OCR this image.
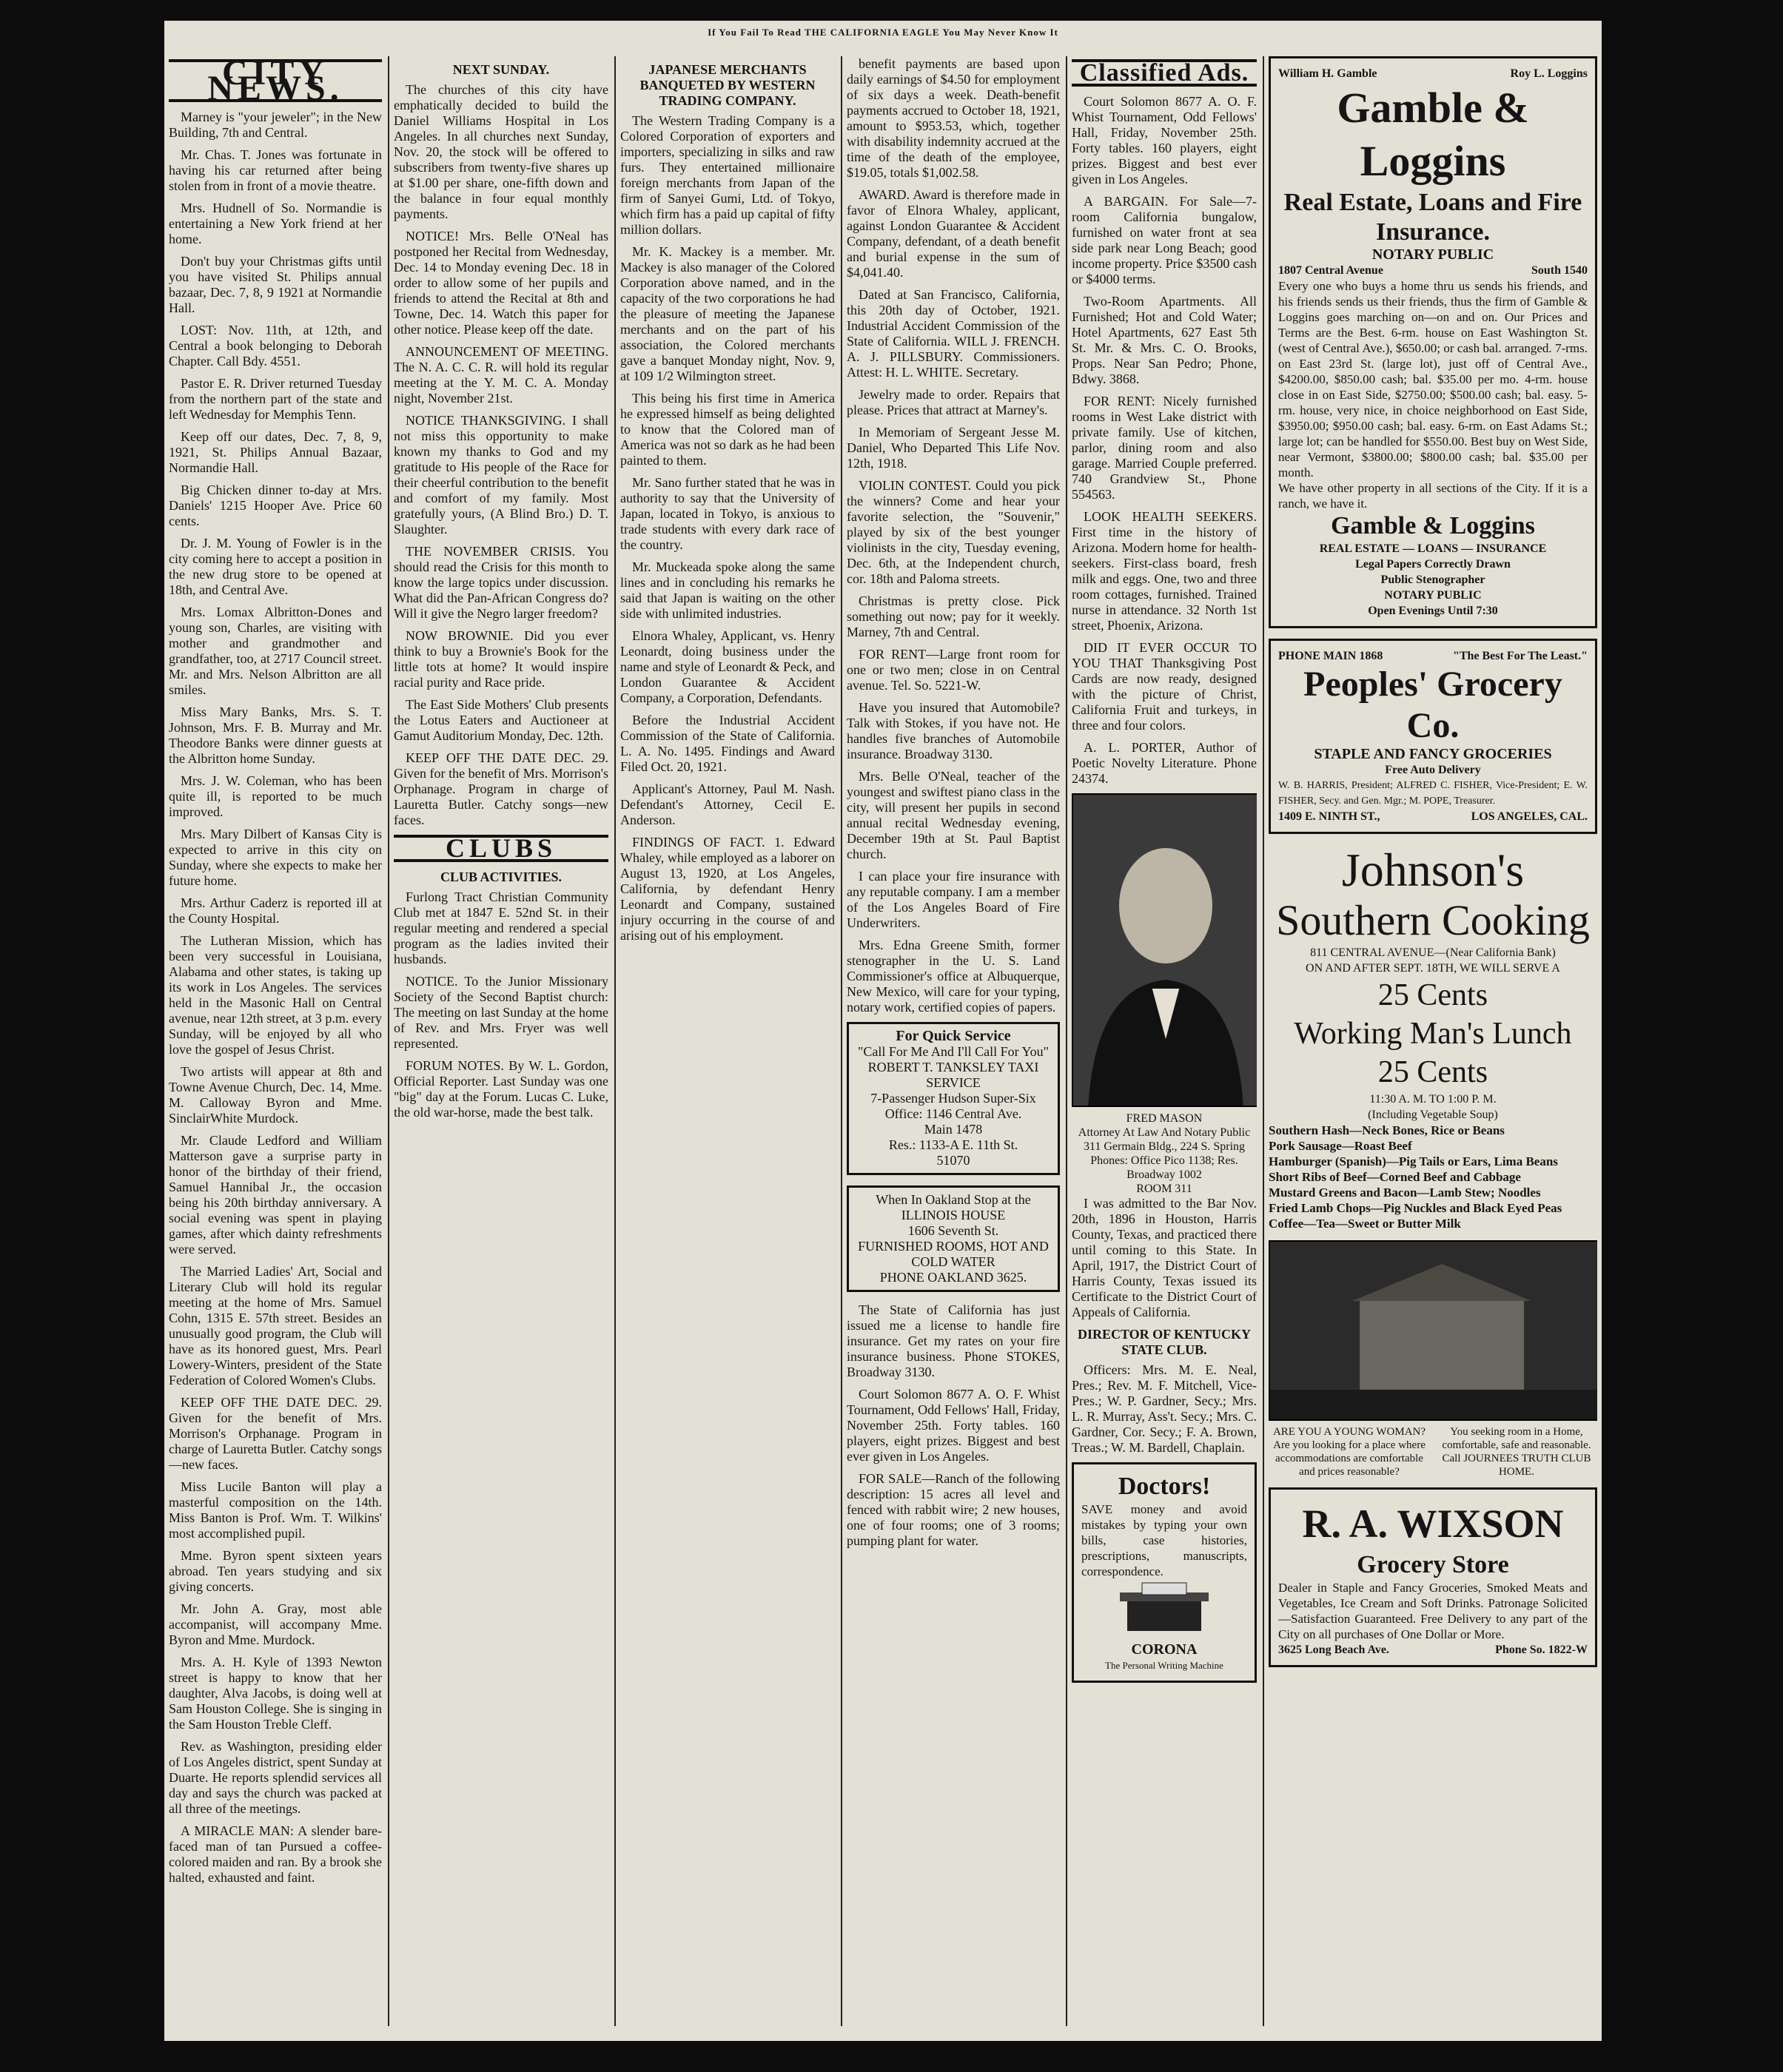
If You Fail To Read THE CALIFORNIA EAGLE You May Never Know It
CITY NEWS.

Marney is "your jeweler"; in the New Building, 7th and Central.

Mr. Chas. T. Jones was fortunate in having his car returned after being stolen from in front of a movie theatre.

Mrs. Hudnell of So. Normandie is entertaining a New York friend at her home.

Don't buy your Christmas gifts until you have visited St. Philips annual bazaar, Dec. 7, 8, 9 1921 at Normandie Hall.

LOST: Nov. 11th, at 12th, and Central a book belonging to Deborah Chapter. Call Bdy. 4551.

Pastor E. R. Driver returned Tuesday from the northern part of the state and left Wednesday for Memphis Tenn.

Keep off our dates, Dec. 7, 8, 9, 1921, St. Philips Annual Bazaar, Normandie Hall.

Big Chicken dinner to-day at Mrs. Daniels' 1215 Hooper Ave. Price 60 cents.

Dr. J. M. Young of Fowler is in the city coming here to accept a position in the new drug store to be opened at 18th, and Central Ave.

Mrs. Lomax Albritton-Dones and young son, Charles, are visiting with mother and grandmother and grandfather, too, at 2717 Council street. Mr. and Mrs. Nelson Albritton are all smiles.

Miss Mary Banks, Mrs. S. T. Johnson, Mrs. F. B. Murray and Mr. Theodore Banks were dinner guests at the Albritton home Sunday.

Mrs. J. W. Coleman, who has been quite ill, is reported to be much improved.

Mrs. Mary Dilbert of Kansas City is expected to arrive in this city on Sunday, where she expects to make her future home.

Mrs. Arthur Caderz is reported ill at the County Hospital.

The Lutheran Mission, which has been very successful in Louisiana, Alabama and other states, is taking up its work in Los Angeles. The services held in the Masonic Hall on Central avenue, near 12th street, at 3 p.m. every Sunday, will be enjoyed by all who love the gospel of Jesus Christ.

Two artists will appear at 8th and Towne Avenue Church, Dec. 14, Mme. M. Calloway Byron and Mme. SinclairWhite Murdock.

Mr. Claude Ledford and William Matterson gave a surprise party in honor of the birthday of their friend, Samuel Hannibal Jr., the occasion being his 20th birthday anniversary. A social evening was spent in playing games, after which dainty refreshments were served.

The Married Ladies' Art, Social and Literary Club will hold its regular meeting at the home of Mrs. Samuel Cohn, 1315 E. 57th street. Besides an unusually good program, the Club will have as its honored guest, Mrs. Pearl Lowery-Winters, president of the State Federation of Colored Women's Clubs.

KEEP OFF THE DATE DEC. 29. Given for the benefit of Mrs. Morrison's Orphanage. Program in charge of Lauretta Butler. Catchy songs—new faces.

Miss Lucile Banton will play a masterful composition on the 14th. Miss Banton is Prof. Wm. T. Wilkins' most accomplished pupil.

Mme. Byron spent sixteen years abroad. Ten years studying and six giving concerts.

Mr. John A. Gray, most able accompanist, will accompany Mme. Byron and Mme. Murdock.

Mrs. A. H. Kyle of 1393 Newton street is happy to know that her daughter, Alva Jacobs, is doing well at Sam Houston College. She is singing in the Sam Houston Treble Cleff.

Rev. as Washington, presiding elder of Los Angeles district, spent Sunday at Duarte. He reports splendid services all day and says the church was packed at all three of the meetings.

A MIRACLE MAN: A slender bare-faced man of tan Pursued a coffee-colored maiden and ran. By a brook she halted, exhausted and faint.

NEXT SUNDAY.

The churches of this city have emphatically decided to build the Daniel Williams Hospital in Los Angeles. In all churches next Sunday, Nov. 20, the stock will be offered to subscribers from twenty-five shares up at $1.00 per share, one-fifth down and the balance in four equal monthly payments.

NOTICE! Mrs. Belle O'Neal has postponed her Recital from Wednesday, Dec. 14 to Monday evening Dec. 18 in order to allow some of her pupils and friends to attend the Recital at 8th and Towne, Dec. 14. Watch this paper for other notice. Please keep off the date.

ANNOUNCEMENT OF MEETING. The N. A. C. C. R. will hold its regular meeting at the Y. M. C. A. Monday night, November 21st.

NOTICE THANKSGIVING. I shall not miss this opportunity to make known my thanks to God and my gratitude to His people of the Race for their cheerful contribution to the benefit and comfort of my family. Most gratefully yours, (A Blind Bro.) D. T. Slaughter.

THE NOVEMBER CRISIS. You should read the Crisis for this month to know the large topics under discussion. What did the Pan-African Congress do? Will it give the Negro larger freedom?

NOW BROWNIE. Did you ever think to buy a Brownie's Book for the little tots at home? It would inspire racial purity and Race pride.

The East Side Mothers' Club presents the Lotus Eaters and Auctioneer at Gamut Auditorium Monday, Dec. 12th.

KEEP OFF THE DATE DEC. 29. Given for the benefit of Mrs. Morrison's Orphanage. Program in charge of Lauretta Butler. Catchy songs—new faces.

CLUBS
CLUB ACTIVITIES.

Furlong Tract Christian Community Club met at 1847 E. 52nd St. in their regular meeting and rendered a special program as the ladies invited their husbands.

NOTICE. To the Junior Missionary Society of the Second Baptist church: The meeting on last Sunday at the home of Rev. and Mrs. Fryer was well represented.

FORUM NOTES. By W. L. Gordon, Official Reporter. Last Sunday was one "big" day at the Forum. Lucas C. Luke, the old war-horse, made the best talk.

JAPANESE MERCHANTS BANQUETED BY WESTERN TRADING COMPANY.

The Western Trading Company is a Colored Corporation of exporters and importers, specializing in silks and raw furs. They entertained millionaire foreign merchants from Japan of the firm of Sanyei Gumi, Ltd. of Tokyo, which firm has a paid up capital of fifty million dollars.

Mr. K. Mackey is a member. Mr. Mackey is also manager of the Colored Corporation above named, and in the capacity of the two corporations he had the pleasure of meeting the Japanese merchants and on the part of his association, the Colored merchants gave a banquet Monday night, Nov. 9, at 109 1/2 Wilmington street.

This being his first time in America he expressed himself as being delighted to know that the Colored man of America was not so dark as he had been painted to them.

Mr. Sano further stated that he was in authority to say that the University of Japan, located in Tokyo, is anxious to trade students with every dark race of the country.

Mr. Muckeada spoke along the same lines and in concluding his remarks he said that Japan is waiting on the other side with unlimited industries.

Elnora Whaley, Applicant, vs. Henry Leonardt, doing business under the name and style of Leonardt & Peck, and London Guarantee & Accident Company, a Corporation, Defendants.

Before the Industrial Accident Commission of the State of California. L. A. No. 1495. Findings and Award Filed Oct. 20, 1921.

Applicant's Attorney, Paul M. Nash. Defendant's Attorney, Cecil E. Anderson.

FINDINGS OF FACT. 1. Edward Whaley, while employed as a laborer on August 13, 1920, at Los Angeles, California, by defendant Henry Leonardt and Company, sustained injury occurring in the course of and arising out of his employment.

benefit payments are based upon daily earnings of $4.50 for employment of six days a week. Death-benefit payments accrued to October 18, 1921, amount to $953.53, which, together with disability indemnity accrued at the time of the death of the employee, $19.05, totals $1,002.58.

AWARD. Award is therefore made in favor of Elnora Whaley, applicant, against London Guarantee & Accident Company, defendant, of a death benefit and burial expense in the sum of $4,041.40.

Dated at San Francisco, California, this 20th day of October, 1921. Industrial Accident Commission of the State of California. WILL J. FRENCH. A. J. PILLSBURY. Commissioners. Attest: H. L. WHITE. Secretary.

Jewelry made to order. Repairs that please. Prices that attract at Marney's.

In Memoriam of Sergeant Jesse M. Daniel, Who Departed This Life Nov. 12th, 1918.

VIOLIN CONTEST. Could you pick the winners? Come and hear your favorite selection, the "Souvenir," played by six of the best younger violinists in the city, Tuesday evening, Dec. 6th, at the Independent church, cor. 18th and Paloma streets.

Christmas is pretty close. Pick something out now; pay for it weekly. Marney, 7th and Central.

FOR RENT—Large front room for one or two men; close in on Central avenue. Tel. So. 5221-W.

Have you insured that Automobile? Talk with Stokes, if you have not. He handles five branches of Automobile insurance. Broadway 3130.

Mrs. Belle O'Neal, teacher of the youngest and swiftest piano class in the city, will present her pupils in second annual recital Wednesday evening, December 19th at St. Paul Baptist church.

I can place your fire insurance with any reputable company. I am a member of the Los Angeles Board of Fire Underwriters.

Mrs. Edna Greene Smith, former stenographer in the U. S. Land Commissioner's office at Albuquerque, New Mexico, will care for your typing, notary work, certified copies of papers.

For Quick Service
"Call For Me And I'll Call For You"
ROBERT T. TANKSLEY TAXI SERVICE
7-Passenger Hudson Super-Six
Office: 1146 Central Ave.
Main 1478
Res.: 1133-A E. 11th St.
51070
When In Oakland Stop at the
ILLINOIS HOUSE
1606 Seventh St.
FURNISHED ROOMS, HOT AND COLD WATER
PHONE OAKLAND 3625.

The State of California has just issued me a license to handle fire insurance. Get my rates on your fire insurance business. Phone STOKES, Broadway 3130.

Court Solomon 8677 A. O. F. Whist Tournament, Odd Fellows' Hall, Friday, November 25th. Forty tables. 160 players, eight prizes. Biggest and best ever given in Los Angeles.

FOR SALE—Ranch of the following description: 15 acres all level and fenced with rabbit wire; 2 new houses, one of four rooms; one of 3 rooms; pumping plant for water.

Classified Ads.

Court Solomon 8677 A. O. F. Whist Tournament, Odd Fellows' Hall, Friday, November 25th. Forty tables. 160 players, eight prizes. Biggest and best ever given in Los Angeles.

A BARGAIN. For Sale—7-room California bungalow, furnished on water front at sea side park near Long Beach; good income property. Price $3500 cash or $4000 terms.

Two-Room Apartments. All Furnished; Hot and Cold Water; Hotel Apartments, 627 East 5th St. Mr. & Mrs. C. O. Brooks, Props. Near San Pedro; Phone, Bdwy. 3868.

FOR RENT: Nicely furnished rooms in West Lake district with private family. Use of kitchen, parlor, dining room and also garage. Married Couple preferred. 740 Grandview St., Phone 554563.

LOOK HEALTH SEEKERS. First time in the history of Arizona. Modern home for health-seekers. First-class board, fresh milk and eggs. One, two and three room cottages, furnished. Trained nurse in attendance. 32 North 1st street, Phoenix, Arizona.

DID IT EVER OCCUR TO YOU THAT Thanksgiving Post Cards are now ready, designed with the picture of Christ, California Fruit and turkeys, in three and four colors.

A. L. PORTER, Author of Poetic Novelty Literature. Phone 24374.

FRED MASON
Attorney At Law And Notary Public
311 Germain Bldg., 224 S. Spring
Phones: Office Pico 1138; Res. Broadway 1002
ROOM 311

I was admitted to the Bar Nov. 20th, 1896 in Houston, Harris County, Texas, and practiced there until coming to this State. In April, 1917, the District Court of Harris County, Texas issued its Certificate to the District Court of Appeals of California.

DIRECTOR OF KENTUCKY STATE CLUB.

Officers: Mrs. M. E. Neal, Pres.; Rev. M. F. Mitchell, Vice-Pres.; W. P. Gardner, Secy.; Mrs. L. R. Murray, Ass't. Secy.; Mrs. C. Gardner, Cor. Secy.; F. A. Brown, Treas.; W. M. Bardell, Chaplain.

Doctors!
SAVE money and avoid mistakes by typing your own bills, case histories, prescriptions, manuscripts, correspondence.
CORONA
The Personal Writing Machine
William H. Gamble	Roy L. Loggins
Gamble & Loggins
Real Estate, Loans and Fire Insurance.
NOTARY PUBLIC
1807 Central Avenue	South 1540
Every one who buys a home thru us sends his friends, and his friends sends us their friends, thus the firm of Gamble & Loggins goes marching on—on and on. Our Prices and Terms are the Best. 6-rm. house on East Washington St. (west of Central Ave.), $650.00; or cash bal. arranged. 7-rms. on East 23rd St. (large lot), just off of Central Ave., $4200.00, $850.00 cash; bal. $35.00 per mo. 4-rm. house close in on East Side, $2750.00; $500.00 cash; bal. easy. 5-rm. house, very nice, in choice neighborhood on East Side, $3950.00; $950.00 cash; bal. easy. 6-rm. on East Adams St.; large lot; can be handled for $550.00. Best buy on West Side, near Vermont, $3800.00; $800.00 cash; bal. $35.00 per month.
We have other property in all sections of the City. If it is a ranch, we have it.
Gamble & Loggins
REAL ESTATE — LOANS — INSURANCE
Legal Papers Correctly Drawn
Public Stenographer
NOTARY PUBLIC
Open Evenings Until 7:30
PHONE MAIN 1868	"The Best For The Least."
Peoples' Grocery Co.
STAPLE AND FANCY GROCERIES
Free Auto Delivery
W. B. HARRIS, President; ALFRED C. FISHER, Vice-President; E. W. FISHER, Secy. and Gen. Mgr.; M. POPE, Treasurer.
1409 E. NINTH ST.,	LOS ANGELES, CAL.
Johnson's
Southern Cooking
811 CENTRAL AVENUE—(Near California Bank)
ON AND AFTER SEPT. 18TH, WE WILL SERVE A
25 Cents
Working Man's Lunch
25 Cents
11:30 A. M. TO 1:00 P. M.
(Including Vegetable Soup)
Southern Hash—Neck Bones, Rice or Beans
Pork Sausage—Roast Beef
Hamburger (Spanish)—Pig Tails or Ears, Lima Beans
Short Ribs of Beef—Corned Beef and Cabbage
Mustard Greens and Bacon—Lamb Stew; Noodles
Fried Lamb Chops—Pig Nuckles and Black Eyed Peas
Coffee—Tea—Sweet or Butter Milk
ARE YOU A YOUNG WOMAN? Are you looking for a place where accommodations are comfortable and prices reasonable?
You seeking room in a Home, comfortable, safe and reasonable. Call JOURNEES TRUTH CLUB HOME.
R. A. WIXSON
Grocery Store
Dealer in Staple and Fancy Groceries, Smoked Meats and Vegetables, Ice Cream and Soft Drinks. Patronage Solicited—Satisfaction Guaranteed. Free Delivery to any part of the City on all purchases of One Dollar or More.
3625 Long Beach Ave.	Phone So. 1822-W
